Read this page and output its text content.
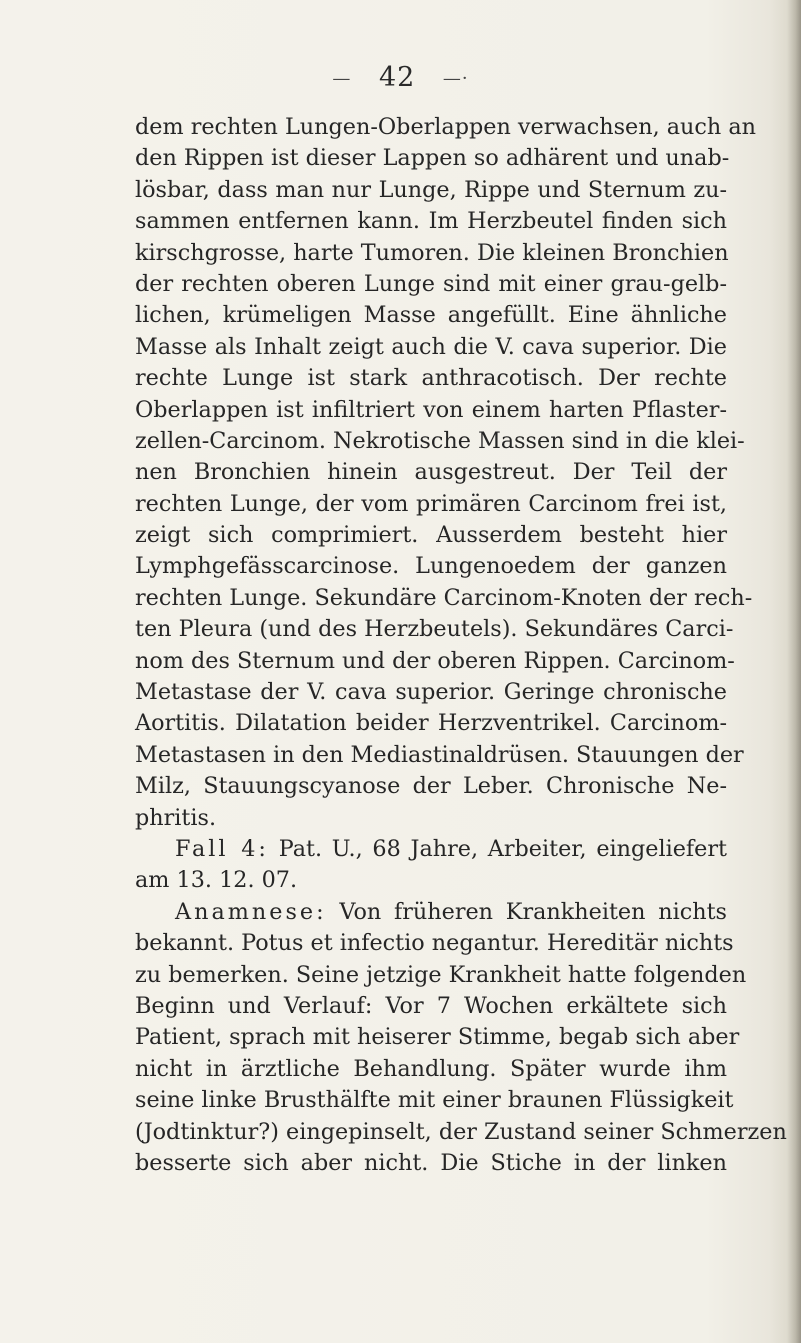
— 42 —·
dem rechten Lungen-Oberlappen verwachsen, auch an
den Rippen ist dieser Lappen so adhärent und unab-
lösbar, dass man nur Lunge, Rippe und Sternum zu-
sammen entfernen kann. Im Herzbeutel finden sich
kirschgrosse, harte Tumoren. Die kleinen Bronchien
der rechten oberen Lunge sind mit einer grau-gelb-
lichen, krümeligen Masse angefüllt. Eine ähnliche
Masse als Inhalt zeigt auch die V. cava superior. Die
rechte Lunge ist stark anthracotisch. Der rechte
Oberlappen ist infiltriert von einem harten Pflaster-
zellen-Carcinom. Nekrotische Massen sind in die klei-
nen Bronchien hinein ausgestreut. Der Teil der
rechten Lunge, der vom primären Carcinom frei ist,
zeigt sich comprimiert. Ausserdem besteht hier
Lymphgefässcarcinose. Lungenoedem der ganzen
rechten Lunge. Sekundäre Carcinom-Knoten der rech-
ten Pleura (und des Herzbeutels). Sekundäres Carci-
nom des Sternum und der oberen Rippen. Carcinom-
Metastase der V. cava superior. Geringe chronische
Aortitis. Dilatation beider Herzventrikel. Carcinom-
Metastasen in den Mediastinaldrüsen. Stauungen der
Milz, Stauungscyanose der Leber. Chronische Ne-
phritis.
Fall 4: Pat. U., 68 Jahre, Arbeiter, eingeliefert
am 13. 12. 07.
Anamnese: Von früheren Krankheiten nichts
bekannt. Potus et infectio negantur. Hereditär nichts
zu bemerken. Seine jetzige Krankheit hatte folgenden
Beginn und Verlauf: Vor 7 Wochen erkältete sich
Patient, sprach mit heiserer Stimme, begab sich aber
nicht in ärztliche Behandlung. Später wurde ihm
seine linke Brusthälfte mit einer braunen Flüssigkeit
(Jodtinktur?) eingepinselt, der Zustand seiner Schmerzen
besserte sich aber nicht. Die Stiche in der linken
